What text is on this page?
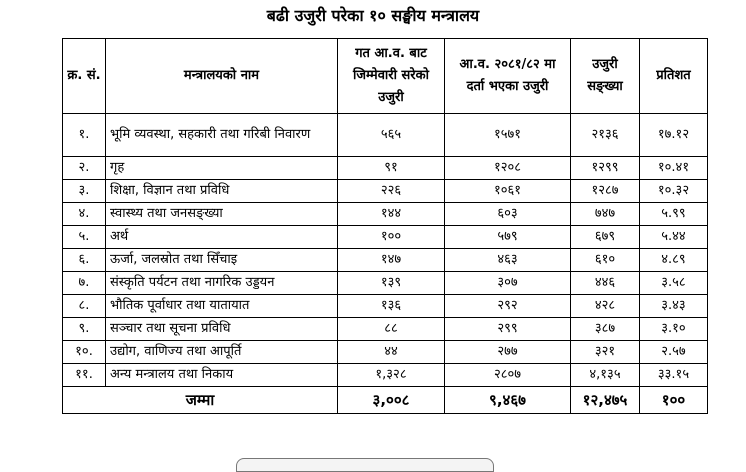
बढी उजुरी परेका १० सङ्घीय मन्त्रालय
क्र. सं.	मन्त्रालयको नाम	गत आ.व. बाट जिम्मेवारी सरेको उजुरी	आ.व. २०८१/८२ मा दर्ता भएका उजुरी	उजुरी सङ्ख्या	प्रतिशत
१.	भूमि व्यवस्था, सहकारी तथा गरिबी निवारण	५६५	१५७१	२१३६	१७.१२
२.	गृह	९१	१२०८	१२९९	१०.४१
३.	शिक्षा, विज्ञान तथा प्रविधि	२२६	१०६१	१२८७	१०.३२
४.	स्वास्थ्य तथा जनसङ्ख्या	१४४	६०३	७४७	५.९९
५.	अर्थ	१००	५७९	६७९	५.४४
६.	ऊर्जा, जलस्रोत तथा सिँचाइ	१४७	४६३	६१०	४.८९
७.	संस्कृति पर्यटन तथा नागरिक उड्डयन	१३९	३०७	४४६	३.५८
८.	भौतिक पूर्वाधार तथा यातायात	१३६	२९२	४२८	३.४३
९.	सञ्चार तथा सूचना प्रविधि	८८	२९९	३८७	३.१०
१०.	उद्योग, वाणिज्य तथा आपूर्ति	४४	२७७	३२१	२.५७
११.	अन्य मन्त्रालय तथा निकाय	१,३२८	२८०७	४,१३५	३३.१५
जम्मा		३,००८	९,४६७	१२,४७५	१००
